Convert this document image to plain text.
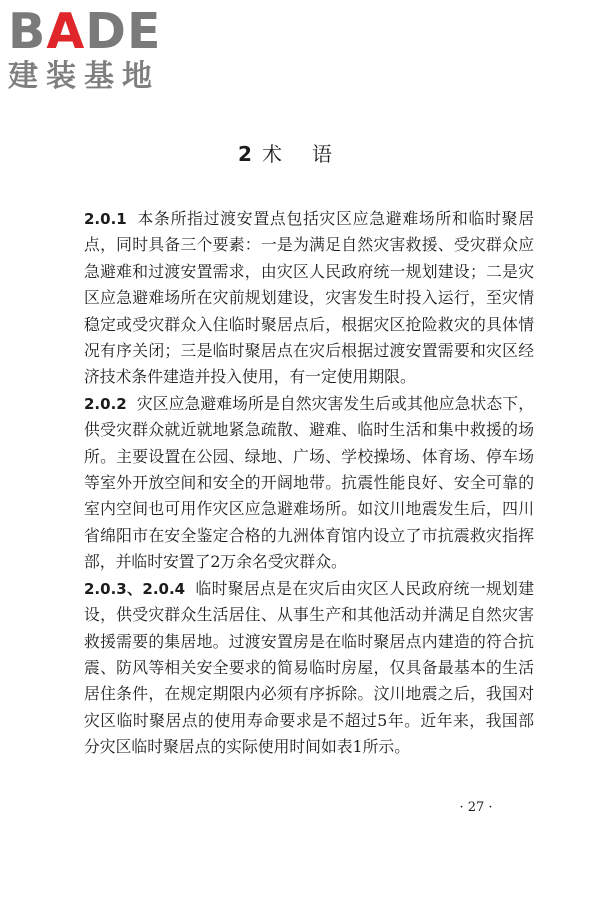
BADE
建装基地
2 术语

2.0.1 本条所指过渡安置点包括灾区应急避难场所和临时聚居点，同时具备三个要素：一是为满足自然灾害救援、受灾群众应急避难和过渡安置需求，由灾区人民政府统一规划建设；二是灾区应急避难场所在灾前规划建设，灾害发生时投入运行，至灾情稳定或受灾群众入住临时聚居点后，根据灾区抢险救灾的具体情况有序关闭；三是临时聚居点在灾后根据过渡安置需要和灾区经济技术条件建造并投入使用，有一定使用期限。

2.0.2 灾区应急避难场所是自然灾害发生后或其他应急状态下，供受灾群众就近就地紧急疏散、避难、临时生活和集中救援的场所。主要设置在公园、绿地、广场、学校操场、体育场、停车场等室外开放空间和安全的开阔地带。抗震性能良好、安全可靠的室内空间也可用作灾区应急避难场所。如汶川地震发生后，四川省绵阳市在安全鉴定合格的九洲体育馆内设立了市抗震救灾指挥部，并临时安置了2万余名受灾群众。

2.0.3、2.0.4 临时聚居点是在灾后由灾区人民政府统一规划建设，供受灾群众生活居住、从事生产和其他活动并满足自然灾害救援需要的集居地。过渡安置房是在临时聚居点内建造的符合抗震、防风等相关安全要求的简易临时房屋，仅具备最基本的生活居住条件，在规定期限内必须有序拆除。汶川地震之后，我国对灾区临时聚居点的使用寿命要求是不超过5年。近年来，我国部分灾区临时聚居点的实际使用时间如表1所示。

· 27 ·
